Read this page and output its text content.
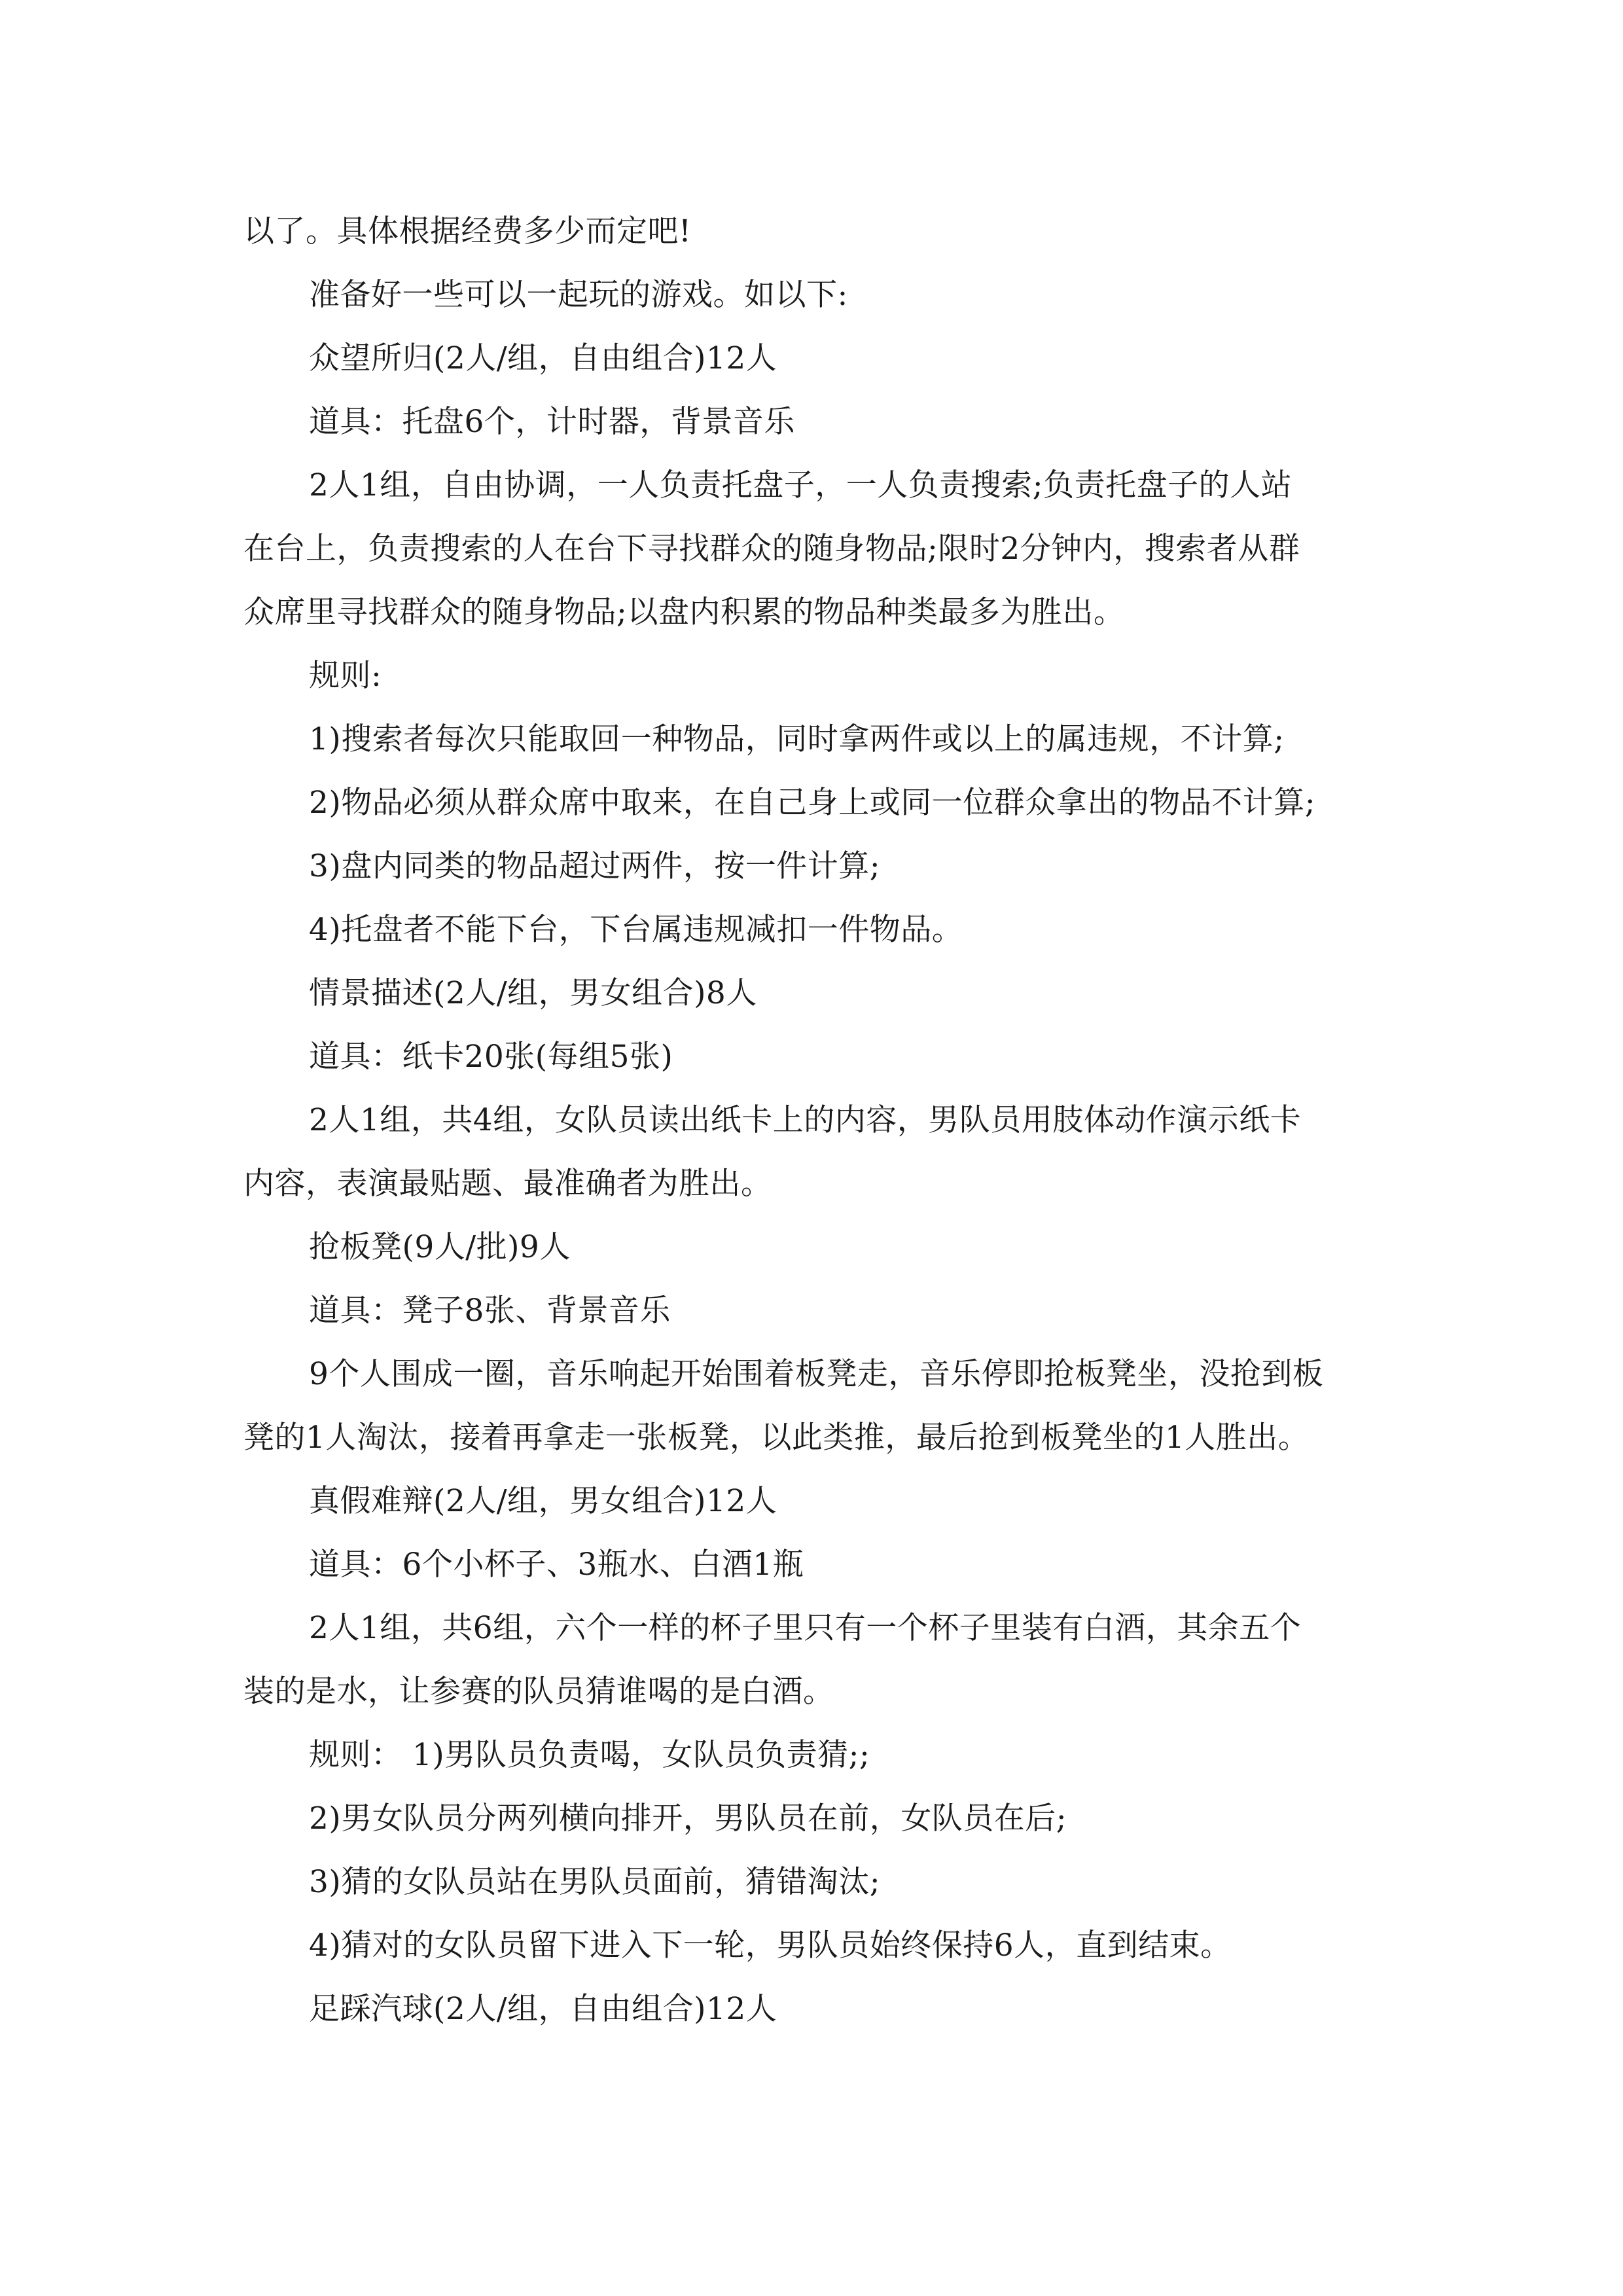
以了。具体根据经费多少而定吧!
准备好一些可以一起玩的游戏。如以下:
众望所归(2人/组，自由组合)12人
道具：托盘6个，计时器，背景音乐
2人1组，自由协调，一人负责托盘子，一人负责搜索;负责托盘子的人站
在台上，负责搜索的人在台下寻找群众的随身物品;限时2分钟内，搜索者从群
众席里寻找群众的随身物品;以盘内积累的物品种类最多为胜出。
规则:
1)搜索者每次只能取回一种物品，同时拿两件或以上的属违规，不计算;
2)物品必须从群众席中取来，在自己身上或同一位群众拿出的物品不计算;
3)盘内同类的物品超过两件，按一件计算;
4)托盘者不能下台，下台属违规减扣一件物品。
情景描述(2人/组，男女组合)8人
道具：纸卡20张(每组5张)
2人1组，共4组，女队员读出纸卡上的内容，男队员用肢体动作演示纸卡
内容，表演最贴题、最准确者为胜出。
抢板凳(9人/批)9人
道具：凳子8张、背景音乐
9个人围成一圈，音乐响起开始围着板凳走，音乐停即抢板凳坐，没抢到板
凳的1人淘汰，接着再拿走一张板凳，以此类推，最后抢到板凳坐的1人胜出。
真假难辩(2人/组，男女组合)12人
道具：6个小杯子、3瓶水、白酒1瓶
2人1组，共6组，六个一样的杯子里只有一个杯子里装有白酒，其余五个
装的是水，让参赛的队员猜谁喝的是白酒。
规则： 1)男队员负责喝，女队员负责猜;;
2)男女队员分两列横向排开，男队员在前，女队员在后;
3)猜的女队员站在男队员面前，猜错淘汰;
4)猜对的女队员留下进入下一轮，男队员始终保持6人，直到结束。
足踩汽球(2人/组，自由组合)12人
